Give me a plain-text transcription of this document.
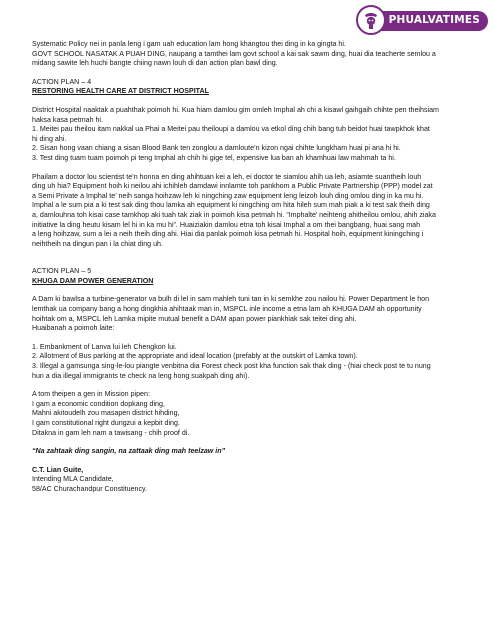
PHUALVATIMES

Systematic Policy nei in panla leng i gam uah education lam hong khangtou thei ding in ka gingta hi.

GOVT SCHOOL NASATAK A PUAH DING, naupang a tamthei lam govt school a kai sak sawm ding, huai dia teacherte semlou a

midang sawite leh huchi bangte chiing nawn louh di dan action plan bawl ding.

ACTION PLAN – 4

RESTORING HEALTH CARE AT DISTRICT HOSPITAL

District Hospital naaktak a puahthak poimoh hi. Kua hiam damlou gim omleh Imphal ah chi a kisawl gaihgaih chihte pen theihsiam

haksa kasa petmah hi.

1. Meitei pau theilou itam nakkal ua Phai a Meitei pau theiloupi a damlou va etkol ding chih bang tuh beidot huai tawpkhok khat

hi ding ahi.

2. Sisan hong vaan chiang a sisan Blood Bank ten zonglou a damloute’n kizon ngai chihte lungkham huai pi ana hi hi.

3. Test ding tuam tuam poimoh pi teng Imphal ah chih hi gige tel, expensive lua ban ah khamhuai law mahmah ta hi.

Phailam a doctor lou scientist te’n honna en ding ahihtuan kei a leh, ei doctor te siamlou ahih ua leh, asiamte suantheih louh

ding uh hia? Equipment hoih ki neilou ahi ichihleh damdawi innlamte toh pankhom a Public Private Partnership (PPP) model zat

a Semi Private a Imphal te’ neih sanga hoihzaw leh ki ningching zaw equipment leng leizoh louh ding omlou ding in ka mu hi.

Imphal a le sum pia a ki test sak ding thou lamka ah equipment ki ningching om hita hileh sum mah piak a ki test sak theih ding

a, damlouhna toh kisai case tamkhop aki tuah tak ziak in poimoh kisa petmah hi. “Imphalte’ neihteng ahitheilou omlou, ahih ziaka

initiative la ding heutu kisam lel hi in ka mu hi”. Huaiziakin damlou etna toh kisai Imphal a om thei bangbang, huai sang mah

a leng hoihzaw, sum a lei a neih theih ding ahi. Hiai dia panlak poimoh kisa petmah hi. Hospital hoih, equipment kiningching i

neihtheih na dingun pan i la chiat ding uh.

ACTION PLAN – 5

KHUGA DAM POWER GENERATION

A Dam ki bawlsa a turbine-generator va bulh di lel in sam mahleh tuni tan in ki semkhe zou nailou hi. Power Department le hon

lemthak ua company bang a hong dingkhia ahihtaak man in, MSPCL inle income a etna lam ah KHUGA DAM ah opportunity

hoihtak om a, MSPCL leh Lamka mipite mutual benefit a DAM apan power piankhiak sak teitei ding ahi.

Huaibanah a poimoh laite:

1. Embankment of Lanva lui leh Chengkon lui.

2. Allotment of Bus parking at the appropriate and ideal location (prefably at the outskirt of Lamka town).

3. Illegal a gamsunga sing-le-lou piangte venbitna dia Forest check post kha function sak thak ding - (hiai check post te tu nung

hun a dia illegal immigrants te check na leng hong suakpah ding ahi).

A tom theipen a gen in Mission pipen:

I gam a economic condition dopkang ding,

Mahni akitoudelh zou masapen district hihding,

I gam constitutional right dungzui a kepbit ding.

Ditakna in gam leh nam a tawisang - chih proof di.

“Na zahtaak ding sangin, na zattaak ding mah teelzaw in”

C.T. Lian Guite,

Intending MLA Candidate,

58/AC Churachandpur Constituency.
